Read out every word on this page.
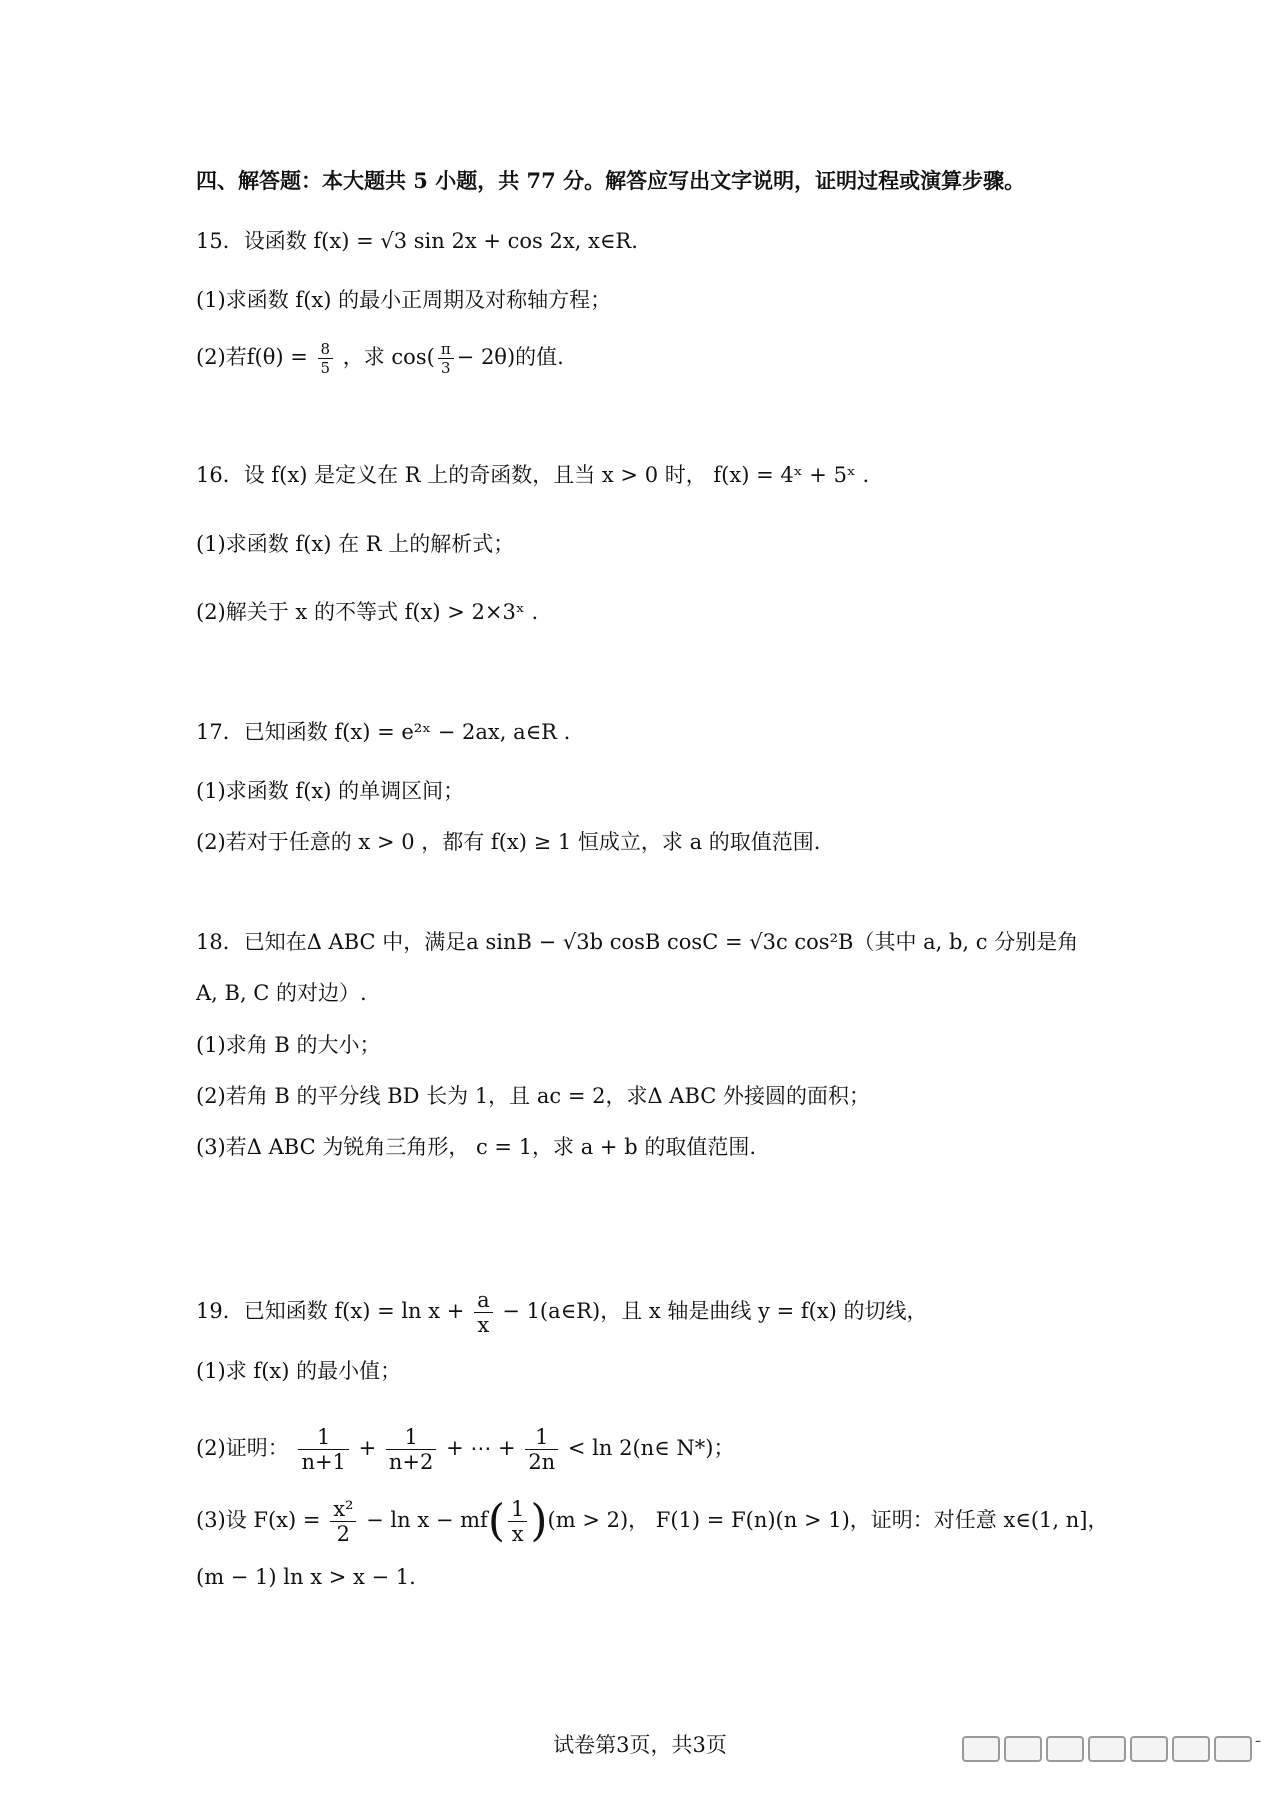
四、解答题：本大题共 5 小题，共 77 分。解答应写出文字说明，证明过程或演算步骤。
15．设函数 f(x) = √3 sin 2x + cos 2x, x∈R.
(1)求函数 f(x) 的最小正周期及对称轴方程；
(2)若$f(\theta) = \frac{8}{5}$ ，求 $\cos( \frac{\pi}{3} - 2\theta)$的值.
16．设 f(x) 是定义在 R 上的奇函数，且当 x > 0 时， f(x) = 4ˣ + 5ˣ .
(1)求函数 f(x) 在 R 上的解析式；
(2)解关于 x 的不等式 f(x) > 2×3ˣ .
17．已知函数 f(x) = e²ˣ − 2ax, a∈R .
(1)求函数 f(x) 的单调区间；
(2)若对于任意的 x > 0 ，都有 f(x) ≥ 1 恒成立，求 a 的取值范围.
18．已知在Δ ABC 中，满足a sinB − √3b cosB cosC = √3c cos²B（其中 a, b, c 分别是角
A, B, C 的对边）.
(1)求角 B 的大小；
(2)若角 B 的平分线 BD 长为 1，且 ac = 2，求Δ ABC 外接圆的面积；
(3)若Δ ABC 为锐角三角形， c = 1，求 a + b 的取值范围.
19．已知函数 $f(x) = \ln x + \frac{a}{x}$ − 1(a∈R)，且 x 轴是曲线 y = f(x) 的切线，
(1)求 f(x) 的最小值；
(2)证明： $\frac{1}{n+1} + \frac{1}{n+2}$ + ⋯ + $\frac{1}{2n} < \ln$ 2(n∈ N*)；
(3)设 $F(x) = \frac{\text{x²}}{2} - \ln x - mf( \frac{1}{x} )(m > 2)$， F(1) = F(n)(n > 1)，证明：对任意 x∈(1, n]，
(m − 1) ln x > x − 1.
试卷第3页，共3页	ˉ
